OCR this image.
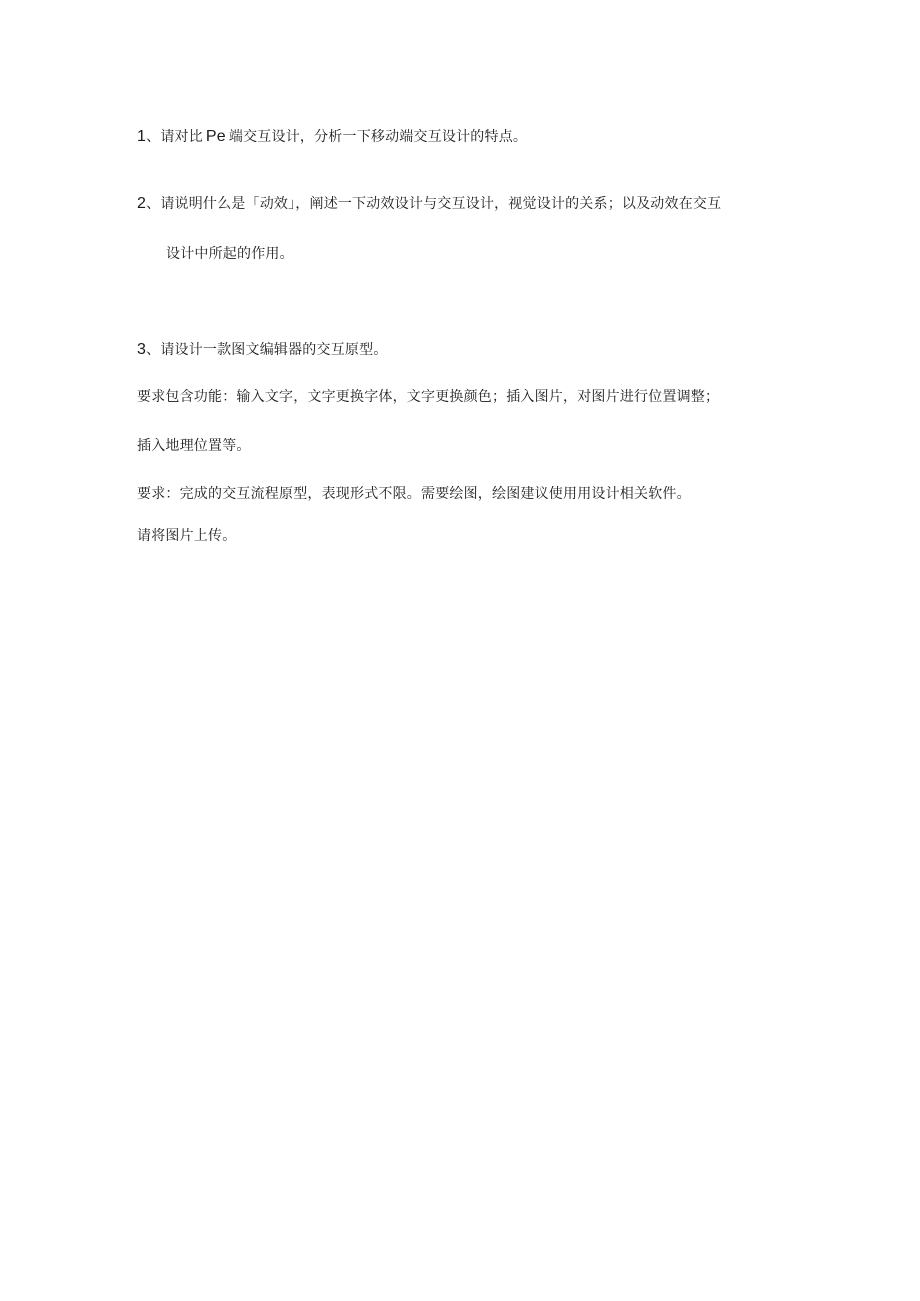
1、请对比 Pe 端交互设计，分析一下移动端交互设计的特点。
2、请说明什么是「动效」，阐述一下动效设计与交互设计，视觉设计的关系；以及动效在交互
设计中所起的作用。
3、请设计一款图文编辑器的交互原型。
要求包含功能：输入文字，文字更换字体，文字更换颜色；插入图片，对图片进行位置调整；
插入地理位置等。
要求：完成的交互流程原型，表现形式不限。需要绘图，绘图建议使用用设计相关软件。
请将图片上传。
